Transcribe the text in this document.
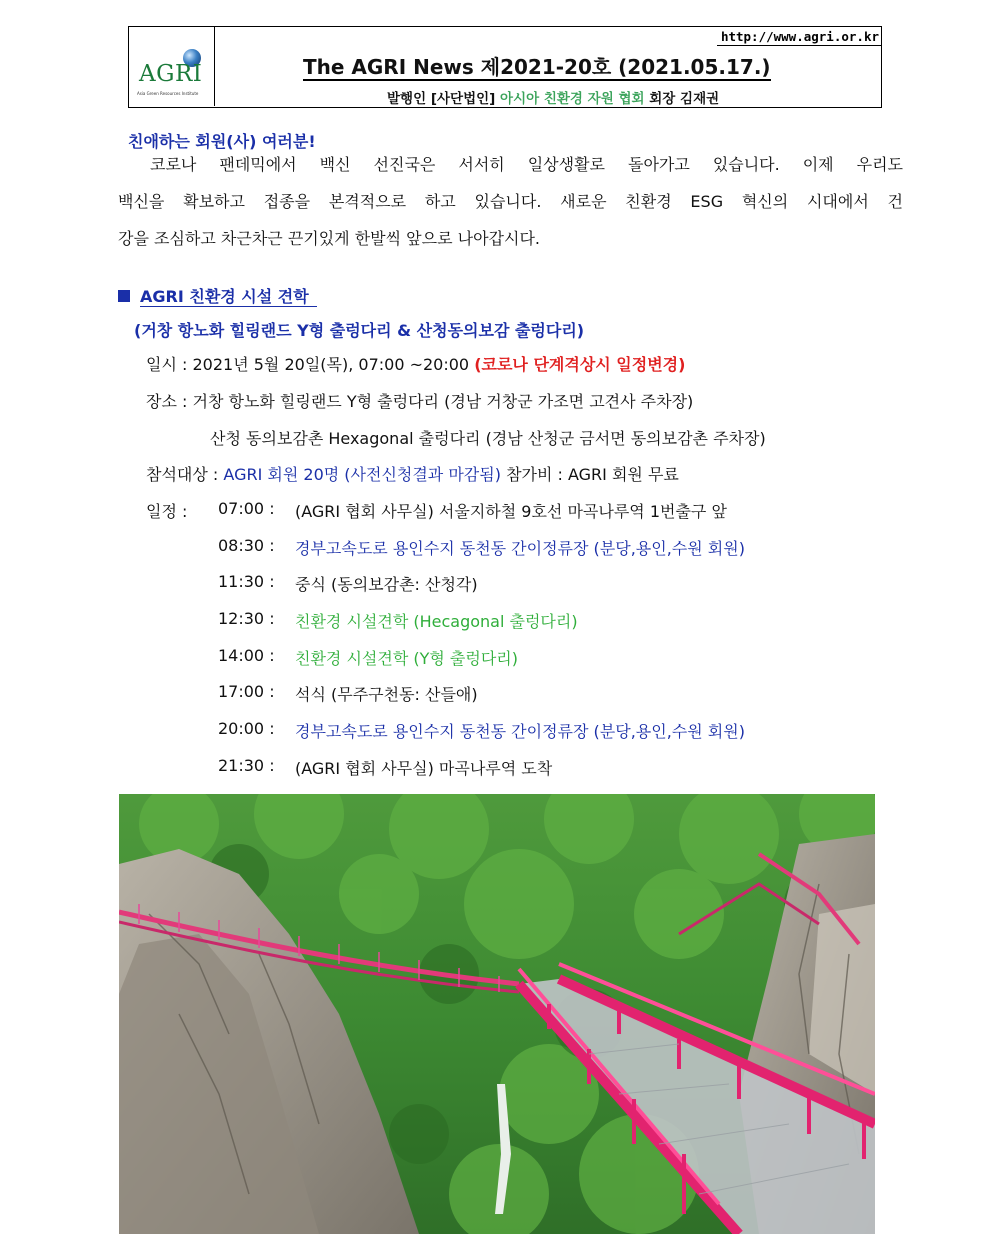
AGRI
Asia Green Resources Institute
http://www.agri.or.kr
The AGRI News 제2021-20호 (2021.05.17.)
발행인 [사단법인] 아시아 친환경 자원 협회 회장 김재권
친애하는 회원(사) 여러분!
코로나 팬데믹에서 백신 선진국은 서서히 일상생활로 돌아가고 있습니다. 이제 우리도
백신을 확보하고 접종을 본격적으로 하고 있습니다. 새로운 친환경 ESG 혁신의 시대에서 건
강을 조심하고 차근차근 끈기있게 한발씩 앞으로 나아갑시다.
AGRI 친환경 시설 견학
(거창 항노화 힐링랜드 Y형 출렁다리 & 산청동의보감 출렁다리)
일시 : 2021년 5월 20일(목), 07:00 ~20:00 (코로나 단계격상시 일정변경)
장소 : 거창 항노화 힐링랜드 Y형 출렁다리 (경남 거창군 가조면 고견사 주차장)
산청 동의보감촌 Hexagonal 출렁다리 (경남 산청군 금서면 동의보감촌 주차장)
참석대상 : AGRI 회원 20명 (사전신청결과 마감됨) 참가비 : AGRI 회원 무료
일정 : 07:00 : (AGRI 협회 사무실) 서울지하철 9호선 마곡나루역 1번출구 앞
08:30 : 경부고속도로 용인수지 동천동 간이정류장 (분당,용인,수원 회원)
11:30 : 중식 (동의보감촌: 산청각)
12:30 : 친환경 시설견학 (Hecagonal 출렁다리)
14:00 : 친환경 시설견학 (Y형 출렁다리)
17:00 : 석식 (무주구천동: 산들애)
20:00 : 경부고속도로 용인수지 동천동 간이정류장 (분당,용인,수원 회원)
21:30 : (AGRI 협회 사무실) 마곡나루역 도착
